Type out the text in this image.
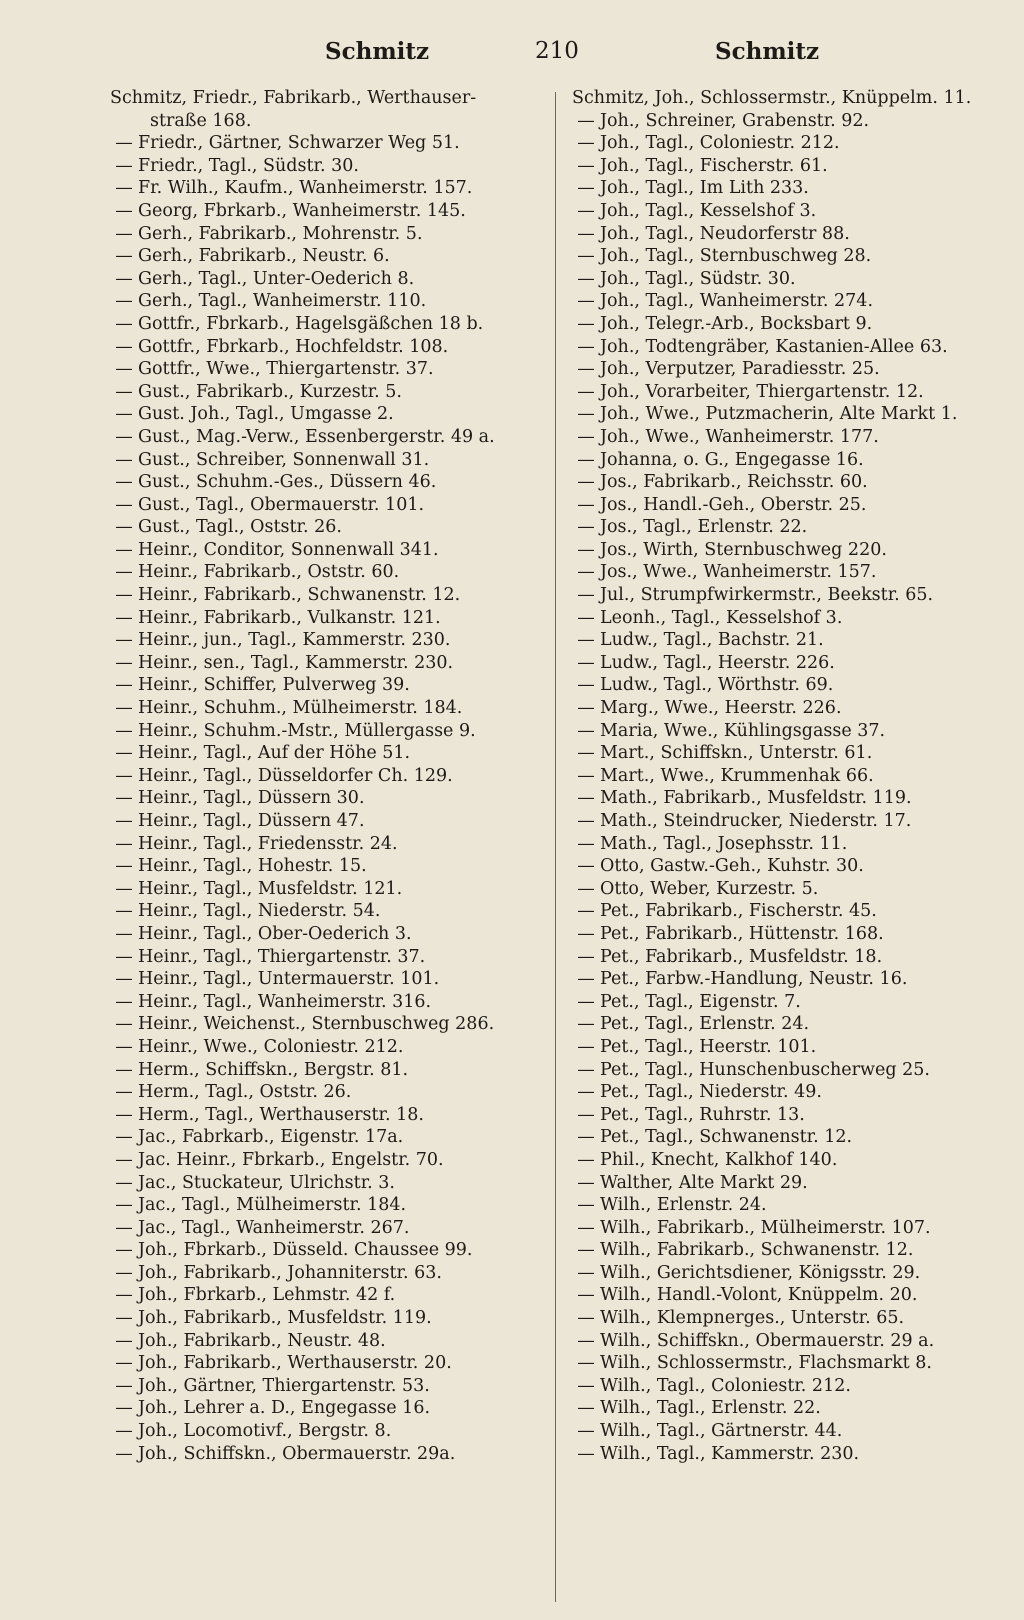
Schmitz	210	Schmitz
Schmitz, Friedr., Fabrikarb., Werthauser-
straße 168.
— Friedr., Gärtner, Schwarzer Weg 51.
— Friedr., Tagl., Südstr. 30.
— Fr. Wilh., Kaufm., Wanheimerstr. 157.
— Georg, Fbrkarb., Wanheimerstr. 145.
— Gerh., Fabrikarb., Mohrenstr. 5.
— Gerh., Fabrikarb., Neustr. 6.
— Gerh., Tagl., Unter-Oederich 8.
— Gerh., Tagl., Wanheimerstr. 110.
— Gottfr., Fbrkarb., Hagelsgäßchen 18 b.
— Gottfr., Fbrkarb., Hochfeldstr. 108.
— Gottfr., Wwe., Thiergartenstr. 37.
— Gust., Fabrikarb., Kurzestr. 5.
— Gust. Joh., Tagl., Umgasse 2.
— Gust., Mag.-Verw., Essenbergerstr. 49 a.
— Gust., Schreiber, Sonnenwall 31.
— Gust., Schuhm.-Ges., Düssern 46.
— Gust., Tagl., Obermauerstr. 101.
— Gust., Tagl., Oststr. 26.
— Heinr., Conditor, Sonnenwall 341.
— Heinr., Fabrikarb., Oststr. 60.
— Heinr., Fabrikarb., Schwanenstr. 12.
— Heinr., Fabrikarb., Vulkanstr. 121.
— Heinr., jun., Tagl., Kammerstr. 230.
— Heinr., sen., Tagl., Kammerstr. 230.
— Heinr., Schiffer, Pulverweg 39.
— Heinr., Schuhm., Mülheimerstr. 184.
— Heinr., Schuhm.-Mstr., Müllergasse 9.
— Heinr., Tagl., Auf der Höhe 51.
— Heinr., Tagl., Düsseldorfer Ch. 129.
— Heinr., Tagl., Düssern 30.
— Heinr., Tagl., Düssern 47.
— Heinr., Tagl., Friedensstr. 24.
— Heinr., Tagl., Hohestr. 15.
— Heinr., Tagl., Musfeldstr. 121.
— Heinr., Tagl., Niederstr. 54.
— Heinr., Tagl., Ober-Oederich 3.
— Heinr., Tagl., Thiergartenstr. 37.
— Heinr., Tagl., Untermauerstr. 101.
— Heinr., Tagl., Wanheimerstr. 316.
— Heinr., Weichenst., Sternbuschweg 286.
— Heinr., Wwe., Coloniestr. 212.
— Herm., Schiffskn., Bergstr. 81.
— Herm., Tagl., Oststr. 26.
— Herm., Tagl., Werthauserstr. 18.
— Jac., Fabrkarb., Eigenstr. 17a.
— Jac. Heinr., Fbrkarb., Engelstr. 70.
— Jac., Stuckateur, Ulrichstr. 3.
— Jac., Tagl., Mülheimerstr. 184.
— Jac., Tagl., Wanheimerstr. 267.
— Joh., Fbrkarb., Düsseld. Chaussee 99.
— Joh., Fabrikarb., Johanniterstr. 63.
— Joh., Fbrkarb., Lehmstr. 42 f.
— Joh., Fabrikarb., Musfeldstr. 119.
— Joh., Fabrikarb., Neustr. 48.
— Joh., Fabrikarb., Werthauserstr. 20.
— Joh., Gärtner, Thiergartenstr. 53.
— Joh., Lehrer a. D., Engegasse 16.
— Joh., Locomotivf., Bergstr. 8.
— Joh., Schiffskn., Obermauerstr. 29a.
Schmitz, Joh., Schlossermstr., Knüppelm. 11.
— Joh., Schreiner, Grabenstr. 92.
— Joh., Tagl., Coloniestr. 212.
— Joh., Tagl., Fischerstr. 61.
— Joh., Tagl., Im Lith 233.
— Joh., Tagl., Kesselshof 3.
— Joh., Tagl., Neudorferstr 88.
— Joh., Tagl., Sternbuschweg 28.
— Joh., Tagl., Südstr. 30.
— Joh., Tagl., Wanheimerstr. 274.
— Joh., Telegr.-Arb., Bocksbart 9.
— Joh., Todtengräber, Kastanien-Allee 63.
— Joh., Verputzer, Paradiesstr. 25.
— Joh., Vorarbeiter, Thiergartenstr. 12.
— Joh., Wwe., Putzmacherin, Alte Markt 1.
— Joh., Wwe., Wanheimerstr. 177.
— Johanna, o. G., Engegasse 16.
— Jos., Fabrikarb., Reichsstr. 60.
— Jos., Handl.-Geh., Oberstr. 25.
— Jos., Tagl., Erlenstr. 22.
— Jos., Wirth, Sternbuschweg 220.
— Jos., Wwe., Wanheimerstr. 157.
— Jul., Strumpfwirkermstr., Beekstr. 65.
— Leonh., Tagl., Kesselshof 3.
— Ludw., Tagl., Bachstr. 21.
— Ludw., Tagl., Heerstr. 226.
— Ludw., Tagl., Wörthstr. 69.
— Marg., Wwe., Heerstr. 226.
— Maria, Wwe., Kühlingsgasse 37.
— Mart., Schiffskn., Unterstr. 61.
— Mart., Wwe., Krummenhak 66.
— Math., Fabrikarb., Musfeldstr. 119.
— Math., Steindrucker, Niederstr. 17.
— Math., Tagl., Josephsstr. 11.
— Otto, Gastw.-Geh., Kuhstr. 30.
— Otto, Weber, Kurzestr. 5.
— Pet., Fabrikarb., Fischerstr. 45.
— Pet., Fabrikarb., Hüttenstr. 168.
— Pet., Fabrikarb., Musfeldstr. 18.
— Pet., Farbw.-Handlung, Neustr. 16.
— Pet., Tagl., Eigenstr. 7.
— Pet., Tagl., Erlenstr. 24.
— Pet., Tagl., Heerstr. 101.
— Pet., Tagl., Hunschenbuscherweg 25.
— Pet., Tagl., Niederstr. 49.
— Pet., Tagl., Ruhrstr. 13.
— Pet., Tagl., Schwanenstr. 12.
— Phil., Knecht, Kalkhof 140.
— Walther, Alte Markt 29.
— Wilh., Erlenstr. 24.
— Wilh., Fabrikarb., Mülheimerstr. 107.
— Wilh., Fabrikarb., Schwanenstr. 12.
— Wilh., Gerichtsdiener, Königsstr. 29.
— Wilh., Handl.-Volont, Knüppelm. 20.
— Wilh., Klempnerges., Unterstr. 65.
— Wilh., Schiffskn., Obermauerstr. 29 a.
— Wilh., Schlossermstr., Flachsmarkt 8.
— Wilh., Tagl., Coloniestr. 212.
— Wilh., Tagl., Erlenstr. 22.
— Wilh., Tagl., Gärtnerstr. 44.
— Wilh., Tagl., Kammerstr. 230.
